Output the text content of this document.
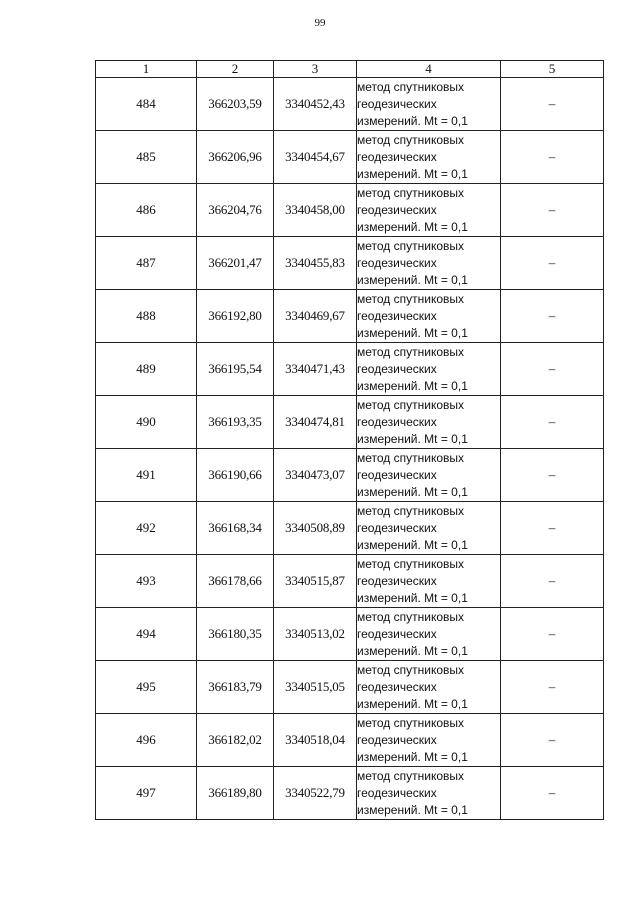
99
1	2	3	4	5
484	366203,59	3340452,43	метод спутниковых
геодезических
измерений. Mt = 0,1	–
485	366206,96	3340454,67	метод спутниковых
геодезических
измерений. Mt = 0,1	–
486	366204,76	3340458,00	метод спутниковых
геодезических
измерений. Mt = 0,1	–
487	366201,47	3340455,83	метод спутниковых
геодезических
измерений. Mt = 0,1	–
488	366192,80	3340469,67	метод спутниковых
геодезических
измерений. Mt = 0,1	–
489	366195,54	3340471,43	метод спутниковых
геодезических
измерений. Mt = 0,1	–
490	366193,35	3340474,81	метод спутниковых
геодезических
измерений. Mt = 0,1	–
491	366190,66	3340473,07	метод спутниковых
геодезических
измерений. Mt = 0,1	–
492	366168,34	3340508,89	метод спутниковых
геодезических
измерений. Mt = 0,1	–
493	366178,66	3340515,87	метод спутниковых
геодезических
измерений. Mt = 0,1	–
494	366180,35	3340513,02	метод спутниковых
геодезических
измерений. Mt = 0,1	–
495	366183,79	3340515,05	метод спутниковых
геодезических
измерений. Mt = 0,1	–
496	366182,02	3340518,04	метод спутниковых
геодезических
измерений. Mt = 0,1	–
497	366189,80	3340522,79	метод спутниковых
геодезических
измерений. Mt = 0,1	–
